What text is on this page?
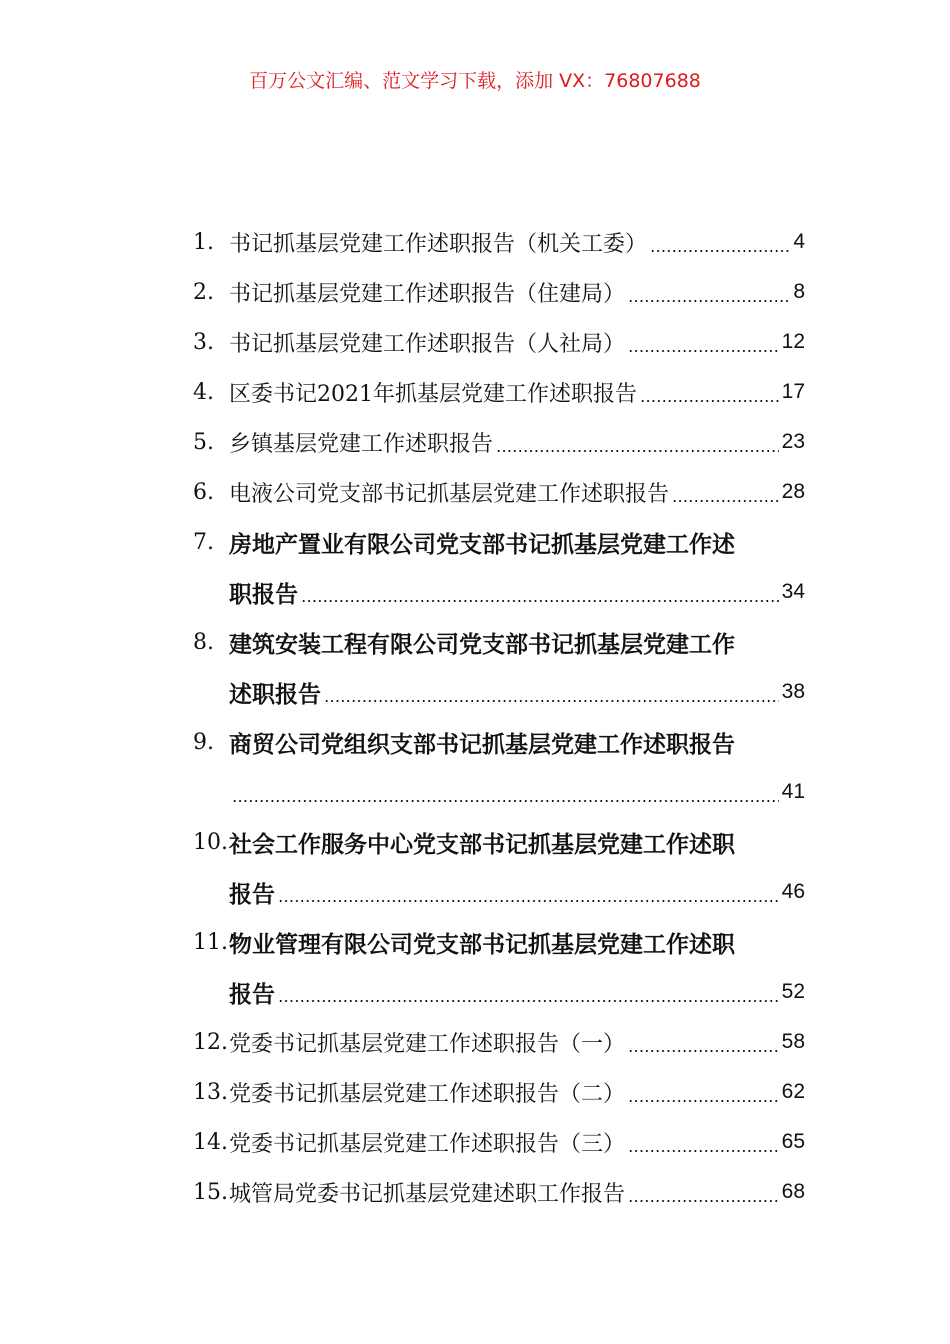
百万公文汇编、范文学习下载，添加 VX：76807688
1. 书记抓基层党建工作述职报告（机关工委）	4
2. 书记抓基层党建工作述职报告（住建局）	8
3. 书记抓基层党建工作述职报告（人社局）	12
4. 区委书记2021年抓基层党建工作述职报告	17
5. 乡镇基层党建工作述职报告	23
6. 电液公司党支部书记抓基层党建工作述职报告	28
7. 房地产置业有限公司党支部书记抓基层党建工作述
职报告	34
8. 建筑安装工程有限公司党支部书记抓基层党建工作
述职报告	38
9. 商贸公司党组织支部书记抓基层党建工作述职报告
41
10. 社会工作服务中心党支部书记抓基层党建工作述职
报告	46
11. 物业管理有限公司党支部书记抓基层党建工作述职
报告	52
12. 党委书记抓基层党建工作述职报告（一）	58
13. 党委书记抓基层党建工作述职报告（二）	62
14. 党委书记抓基层党建工作述职报告（三）	65
15. 城管局党委书记抓基层党建述职工作报告	68
